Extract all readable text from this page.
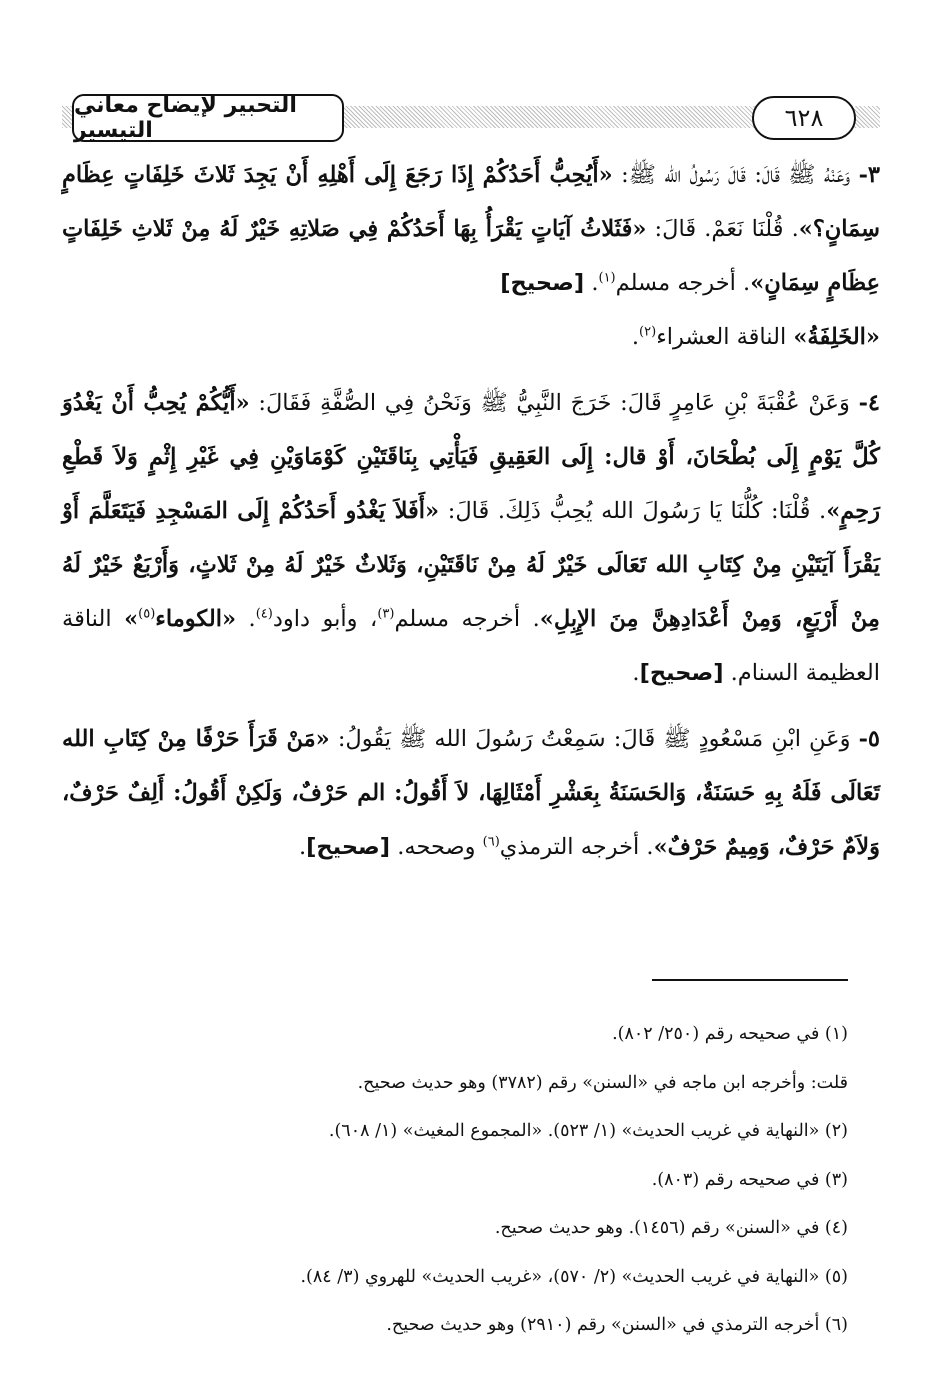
التحبير لإيضاح معاني التيسير	٦٢٨

٣- وَعَنْهُ ﷺ قَالَ: قَالَ رَسُولُ الله ﷺ: «أَيُحِبُّ أَحَدُكُمْ إِذَا رَجَعَ إِلَى أَهْلِهِ أَنْ يَجِدَ ثَلاثَ خَلِفَاتٍ عِظَامٍ سِمَانٍ؟». قُلْنَا نَعَمْ. قَالَ: «فَثَلاثُ آيَاتٍ يَقْرَأُ بِهَا أَحَدُكُمْ فِي صَلاتِهِ خَيْرٌ لَهُ مِنْ ثَلاثِ خَلِفَاتٍ عِظَامٍ سِمَانٍ». أخرجه مسلم$^{(١)}$. [صحيح]

«الخَلِفَةُ» الناقة العشراء$^{(٢)}$.

٤- وَعَنْ عُقْبَةَ بْنِ عَامِرٍ قَالَ: خَرَجَ النَّبِيُّ ﷺ وَنَحْنُ فِي الصُّفَّةِ فَقَالَ: «أَيُّكُمْ يُحِبُّ أَنْ يَغْدُوَ كُلَّ يَوْمٍ إِلَى بُطْحَانَ، أَوْ قال: إِلَى العَقِيقِ فَيَأْتِي بِنَاقَتَيْنِ كَوْمَاوَيْنِ فِي غَيْرِ إِثْمٍ وَلاَ قَطْعِ رَحِمٍ». قُلْنَا: كُلُّنَا يَا رَسُولَ الله يُحِبُّ ذَلِكَ. قَالَ: «أَفَلاَ يَغْدُو أَحَدُكُمْ إِلَى المَسْجِدِ فَيَتَعَلَّمَ أَوْ يَقْرَأَ آيَتَيْنِ مِنْ كِتَابِ الله تَعَالَى خَيْرٌ لَهُ مِنْ نَاقَتَيْنِ، وَثَلاثٌ خَيْرٌ لَهُ مِنْ ثَلاثٍ، وَأَرْبَعٌ خَيْرٌ لَهُ مِنْ أَرْبَعٍ، وَمِنْ أَعْدَادِهِنَّ مِنَ الإِبِلِ». أخرجه مسلم$^{(٣)}$، وأبو داود$^{(٤)}$. «الكوماء$^{(٥)}$» الناقة العظيمة السنام. [صحيح].

٥- وَعَنِ ابْنِ مَسْعُودٍ ﷺ قَالَ: سَمِعْتُ رَسُولَ الله ﷺ يَقُولُ: «مَنْ قَرَأَ حَرْفًا مِنْ كِتَابِ الله تَعَالَى فَلَهُ بِهِ حَسَنَةٌ، وَالحَسَنَةُ بِعَشْرِ أَمْثَالِهَا، لاَ أَقُولُ: الم حَرْفٌ، وَلَكِنْ أَقُولُ: أَلِفٌ حَرْفٌ، وَلاَمٌ حَرْفٌ، وَمِيمٌ حَرْفٌ». أخرجه الترمذي$^{(٦)}$ وصححه. [صحيح].

(١) في صحيحه رقم (٢٥٠/ ٨٠٢).

قلت: وأخرجه ابن ماجه في «السنن» رقم (٣٧٨٢) وهو حديث صحيح.

(٢) «النهاية في غريب الحديث» (١/ ٥٢٣). «المجموع المغيث» (١/ ٦٠٨).

(٣) في صحيحه رقم (٨٠٣).

(٤) في «السنن» رقم (١٤٥٦). وهو حديث صحيح.

(٥) «النهاية في غريب الحديث» (٢/ ٥٧٠)، «غريب الحديث» للهروي (٣/ ٨٤).

(٦) أخرجه الترمذي في «السنن» رقم (٢٩١٠) وهو حديث صحيح.
